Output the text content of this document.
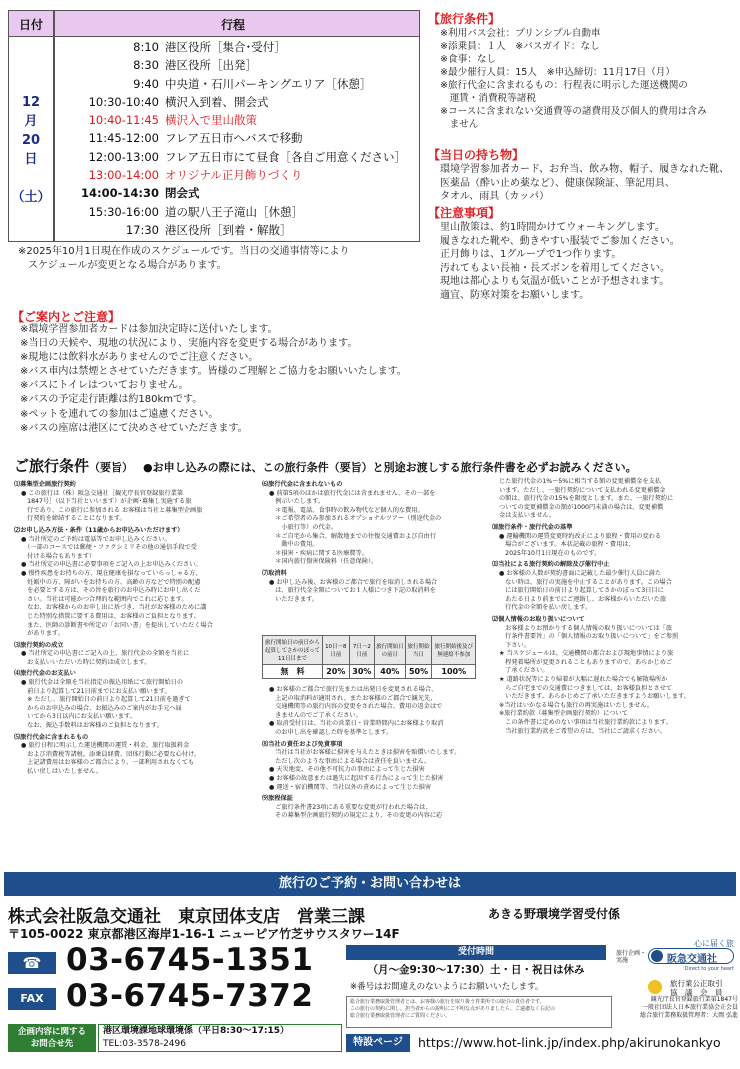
日付	行程
12
月
20
日

（土）
8:10 港区役所［集合･受付］
8:30 港区役所［出発］
9:40 中央道・石川パーキングエリア［休憩］
10:30-10:40 横沢入到着、開会式
10:40-11:45 横沢入で里山散策
11:45-12:00 フレア五日市へバスで移動
12:00-13:00 フレア五日市にて昼食［各自ご用意ください］
13:00-14:00 オリジナル正月飾りづくり
14:00-14:30 閉会式
15:30-16:00 道の駅八王子滝山［休憩］
17:30 港区役所［到着・解散］
※2025年10月1日現在作成のスケジュールです。当日の交通事情等により
　スケジュールが変更となる場合があります。
【旅行条件】
※利用バス会社：プリンシプル自動車
※添乗員：１人　※バスガイド：なし
※食事：なし
※最少催行人員：15人　※申込締切：11月17日（月）
※旅行代金に含まれるもの：行程表に明示した運送機関の
　運賃・消費税等諸税
※コースに含まれない交通費等の諸費用及び個人的費用は含み
　ません
【当日の持ち物】
環境学習参加者カード、お弁当、飲み物、帽子、履きなれた靴、
医薬品（酔い止め薬など）、健康保険証、筆記用具、
タオル、雨具（カッパ）
【注意事項】
里山散策は、約1時間かけてウォーキングします。
履きなれた靴や、動きやすい服装でご参加ください。
正月飾りは、1グループで1つ作ります。
汚れてもよい長袖・長ズボンを着用してください。
現地は都心よりも気温が低いことが予想されます。
適宜、防寒対策をお願いします。
【ご案内とご注意】
※環境学習参加者カードは参加決定時に送付いたします。
※当日の天候や、現地の状況により、実施内容を変更する場合があります。
※現地には飲料水がありませんのでご注意ください。
※バス車内は禁煙とさせていただきます。皆様のご理解とご協力をお願いいたします。
※バスにトイレはついておりません。
※バスの予定走行距離は約180kmです。
※ペットを連れての参加はご遠慮ください。
※バスの座席は港区にて決めさせていただきます。
ご旅行条件（要旨） ●お申し込みの際には、この旅行条件（要旨）と別途お渡しする旅行条件書を必ずお読みください。
⑴募集型企画旅行契約
● この旅行は（株）阪急交通社［観光庁長官登録旅行業第
　1847号］（以下当社といいます）が企画･募集し実施する旅
　行であり、この旅行に参加される お客様は当社と募集型企画旅
　行契約を締結することになります。
⑵お申し込み方法・条件（11歳からお申込みいただけます）
● 当社所定のご予約は電話等でお申し込みください。
　（一部のコースでは郵便・ファクシミリその他の通信手段で受
　付ける場合もあります）
● 当社所定の申込書に必要事項をご記入の上お申込みください。
● 慢性疾患をお持ちの方、現在健康を損なっていらっしゃる方、
　妊娠中の方、障がいをお持ちの方、高齢の方などで特別の配慮
　を必要とする方は、その旨を旅行のお申込み時にお申し出くだ
　さい。当社は可能かつ合理的な範囲内でこれに応じます。
　なお、お客様からのお申し出に基づき、当社がお客様のために講
　じた特別な措置に要する費用は、お客様のご負担となります。
　また、医師の診断書や所定の「お同い書」を提出していただく場合
　があります。
⑶旅行契約の成立
● 当社所定の申込書にご記入の上、旅行代金の全額を当社に
　お支払いいただいた時に契約は成立します。
⑷旅行代金のお支払い
● 旅行代金は全額を当社指定の振込用紙にて旅行開始日の
　前日より起算して21日前までにお支払い願います。
　※ ただし、旅行開始日の前日より起算して21日前を過ぎて
　からのお申込みの場合、お振込みのご案内がお手元へ届
　いてから3日以内にお支払い願います。
　なお、振込手数料はお客様のご負担となります。
⑸旅行代金に含まれるもの
● 旅行日程に明示した運送機関の運賃・料金、旅行取扱料金
　および消費税等諸税。添乗員経費、団体行動に必要な心付け。
　上記諸費用はお客様のご都合により、一部利用されなくても
　払い戻しはいたしません。
⑹旅行代金に含まれないもの
● 前第5項のほかは旅行代金には含まれません。その一部を
　例示いたします。
　＊電報、電話、食事時の飲み物代など個人的な費用。
　＊ご希望者のみ参加されるオプショナルツアー（別途代金の
　　小旅行等）の代金。
　＊ご自宅から集合、解散地までの往復交通費および自由行
　　動中の費用。
　＊損害・疾病に関する医療費等。
　＊国内旅行傷害保険料（任意保険）。
⑺取消料
● お申し込み後、お客様のご都合で旅行を取消しされる場合
　は、旅行代金全額についてお１人様につき下記の取消料を
　いただきます。
旅行開始日の前日から起算してさかのぼって11日目まで	10日〜8日前	7日〜2日前	旅行開始日の前日	旅行開始当日	旅行開始後及び無連絡不参加
無　料	20%	30%	40%	50%	100%
● お客様のご都合で旅行先または出発日を変更される場合、
　上記の取消料が適用され、またお客様のご都合で観光先、
　交通機関等の旅行内容の変更をされた場合、費用の返金はで
　きませんのでご了承ください。
● 取消受付日は、当社の営業日・営業時間内にお客様より取消
　のお申し出を確認した時を基準とします。
⑻当社の責任および免責事項
　当社は当社がお客様に損害を与えたときは損害を賠償いたします。
　ただし次のような事由による場合は責任を負いません。
● 天災地変、その他不可抗力の事由によって生じた損害
● お客様の故意または過失に起因する行為によって生じた損害
● 運送・宿泊機関等、当社以外の責めによって生じた損害
⑼旅程保証
　ご旅行条件書23項にある重要な変更が行われた場合は、
　その募集型企画旅行契約の規定により、その変更の内容に応
じた旅行代金の1%～5%に相当する額の変更補償金を支払
います。ただし、一旅行契約について支払われる変更補償金
の額は、旅行代金の15%を限度とします。また、一旅行契約に
ついての変更補償金の額が1000円未満の場合は、変更補償
金は支払いません。
⑽旅行条件・旅行代金の基準
● 運輸機関の運賃変更時約改正により旅程・費用の変わる
　場合がございます。本状記載の旅程・費用は、
　2025年10月1日現在のものです。
⑾当社による旅行契約の解除及び催行中止
● お客様の人数が契約書面に記載した最少催行人員に満た
　ない時は、旅行の実施を中止することがあります。この場合
　には旅行開始日の前日より起算してさかのぼって3日目に
　あたる日より前までにご連絡し、お客様からいただいた旅
　行代金の全額を払い戻します。
⑿個人情報のお取り扱いについて
　お客様よりお預かりする個人情報の取り扱いについては「旅
　行条件書要旨」の「個人情報のお取り扱いについて」をご参照
　下さい。
★ 当スケジュールは、交通機関の都合および現地事情により旅
　程発着場所が変更されることもありますので、あらかじめご
　了承ください。
★ 道路状況等により帰着が大幅に遅れた場合でも解散場所か
　らご自宅までの交通費につきましては、お客様負担とさせて
　いただきます。あらかじめご了承いただきますようお願いします。
※当社はいかなる場合も旅行の再実施はいたしません。
※旅行業約款（募集型企画旅行契約）について
　この条件書に定めのない事項は当社旅行業約款によります。
　当社旅行業約款をご希望の方は、当社にご請求ください。
旅行のご予約・お問い合わせは
株式会社阪急交通社　東京団体支店　営業三課	あきる野環境学習受付係
〒105-0022 東京都港区海岸1-16-1 ニューピア竹芝サウスタワー14F
☎ 03-6745-1351
FAX 03-6745-7372
受付時間
（月〜金9:30〜17:30）土・日・祝日は休み
※番号はお間違えのないようにお願いいたします。
総合旅行業務取扱管理者とは、お客様の旅行を取り扱う営業所での取引の責任者です。
この旅行の契約に関し、担当者からの説明にご不明な点がありましたら、ご遠慮なく右記の
総合旅行業務取扱管理者にご質問ください。
心に届く旅
旅行企画・実施	阪急交通社
Direct to your heart
旅行業公正取引
協　議　会　員
観光庁長官登録旅行業第1847号
一般社団法人日本旅行業協会正会員
総合旅行業務取扱管理者：大岡 弘進
企画内容に関する
お問合せ先
港区環境課地球環境係（平日8:30〜17:15）
TEL:03-3578-2496	特設ページ	https://www.hot-link.jp/index.php/akirunokankyo
